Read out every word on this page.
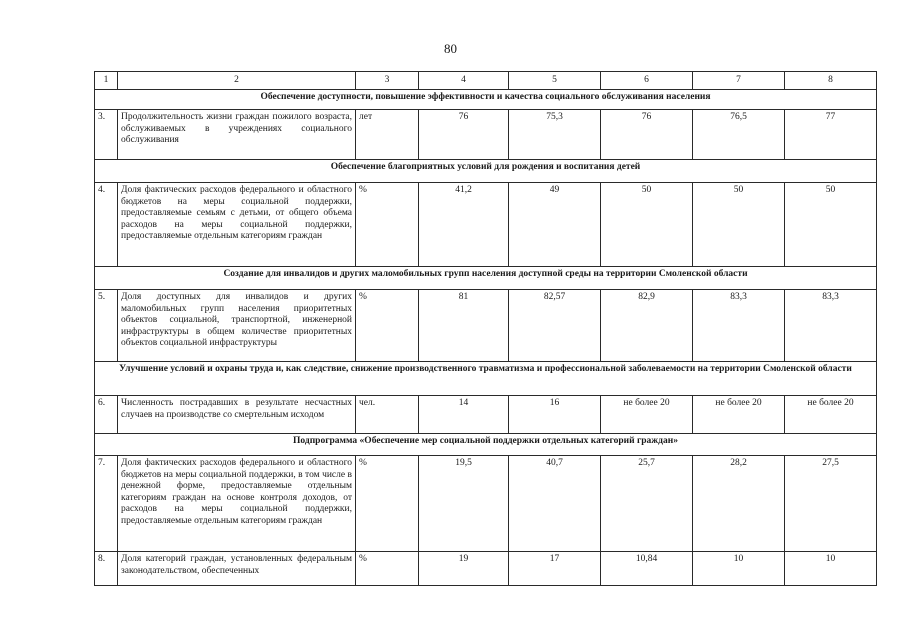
80
1	2	3	4	5	6	7	8
Обеспечение доступности, повышение эффективности и качества социального обслуживания населения							
3.	Продолжительность жизни граждан пожилого возраста, обслуживаемых в учреждениях социального обслуживания	лет	76	75,3	76	76,5	77
Обеспечение благоприятных условий для рождения и воспитания детей							
4.	Доля фактических расходов федерального и областного бюджетов на меры социальной поддержки, предоставляемые семьям с детьми, от общего объема расходов на меры социальной поддержки, предоставляемые отдельным категориям граждан	%	41,2	49	50	50	50
Создание для инвалидов и других маломобильных групп населения доступной среды на территории Смоленской области							
5.	Доля доступных для инвалидов и других маломобильных групп населения приоритетных объектов социальной, транспортной, инженерной инфраструктуры в общем количестве приоритетных объектов социальной инфраструктуры	%	81	82,57	82,9	83,3	83,3
Улучшение условий и охраны труда и, как следствие, снижение производственного травматизма и профессиональной заболеваемости на территории Смоленской области							
6.	Численность пострадавших в результате несчастных случаев на производстве со смертельным исходом	чел.	14	16	не более 20	не более 20	не более 20
Подпрограмма «Обеспечение мер социальной поддержки отдельных категорий граждан»							
7.	Доля фактических расходов федерального и областного бюджетов на меры социальной поддержки, в том числе в денежной форме, предоставляемые отдельным категориям граждан на основе контроля доходов, от расходов на меры социальной поддержки, предоставляемые отдельным категориям граждан	%	19,5	40,7	25,7	28,2	27,5
8.	Доля категорий граждан, установленных федеральным законодательством, обеспеченных	%	19	17	10,84	10	10
